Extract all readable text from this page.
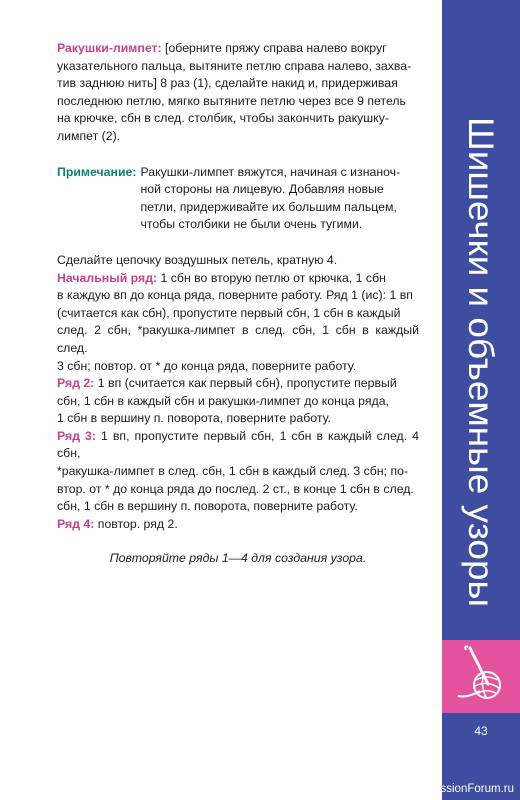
Ракушки-лимпет: [оберните пряжу справа налево вокруг
указательного пальца, вытяните петлю справа налево, захва-
тив заднюю нить] 8 раз (1), сделайте накид и, придерживая
последнюю петлю, мягко вытяните петлю через все 9 петель
на крючке, сбн в след. столбик, чтобы закончить ракушку-
лимпет (2).
Примечание: Ракушки-лимпет вяжутся, начиная с изнаноч-
ной стороны на лицевую. Добавляя новые
петли, придерживайте их большим пальцем,
чтобы столбики не были очень тугими.
Сделайте цепочку воздушных петель, кратную 4.
Начальный ряд: 1 сбн во вторую петлю от крючка, 1 сбн
в каждую вп до конца ряда, поверните работу. Ряд 1 (ис): 1 вп
(считается как сбн), пропустите первый сбн, 1 сбн в каждый
след. 2 сбн, *ракушка-лимпет в след. сбн, 1 сбн в каждый след.
3 сбн; повтор. от * до конца ряда, поверните работу.
Ряд 2: 1 вп (считается как первый сбн), пропустите первый
сбн, 1 сбн в каждый сбн и ракушки-лимпет до конца ряда,
1 сбн в вершину п. поворота, поверните работу.
Ряд 3: 1 вп, пропустите первый сбн, 1 сбн в каждый след. 4 сбн,
*ракушка-лимпет в след. сбн, 1 сбн в каждый след. 3 сбн; по-
втор. от * до конца ряда до послед. 2 ст., в конце 1 сбн в след.
сбн, 1 сбн в вершину п. поворота, поверните работу.
Ряд 4: повтор. ряд 2.
Повторяйте ряды 1—4 для создания узора.	Шишечки и объемные узоры
43
PassionForum.ru
